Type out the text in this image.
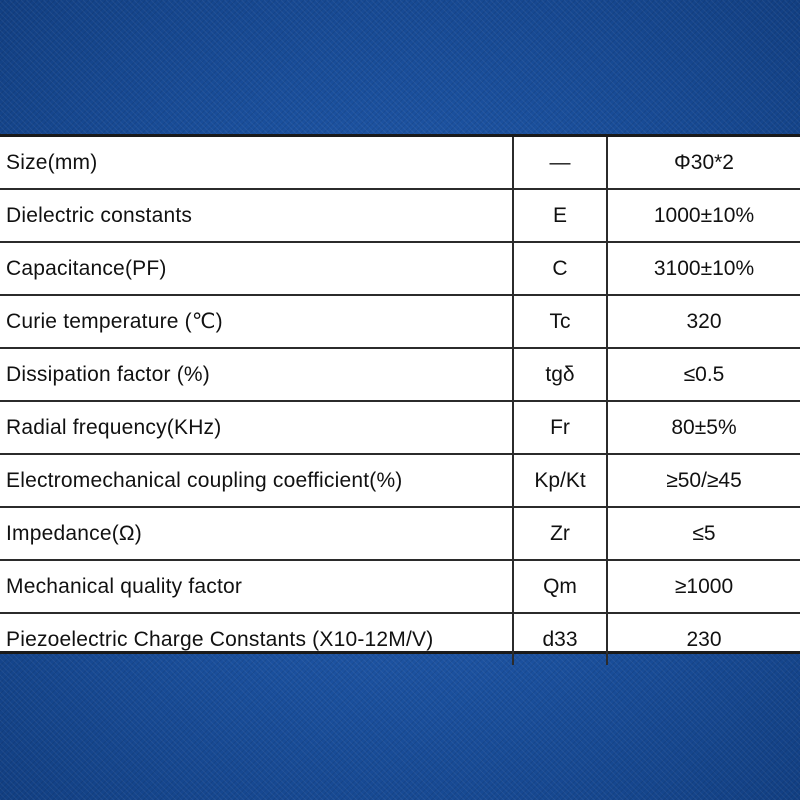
Size(mm)	—	Φ30*2
Dielectric constants	E	1000±10%
Capacitance(PF)	C	3100±10%
Curie temperature (℃)	Tc	320
Dissipation factor (%)	tgδ	≤0.5
Radial frequency(KHz)	Fr	80±5%
Electromechanical coupling coefficient(%)	Kp/Kt	≥50/≥45
Impedance(Ω)	Zr	≤5
Mechanical quality factor	Qm	≥1000
Piezoelectric Charge Constants (X10-12M/V)	d33	230
